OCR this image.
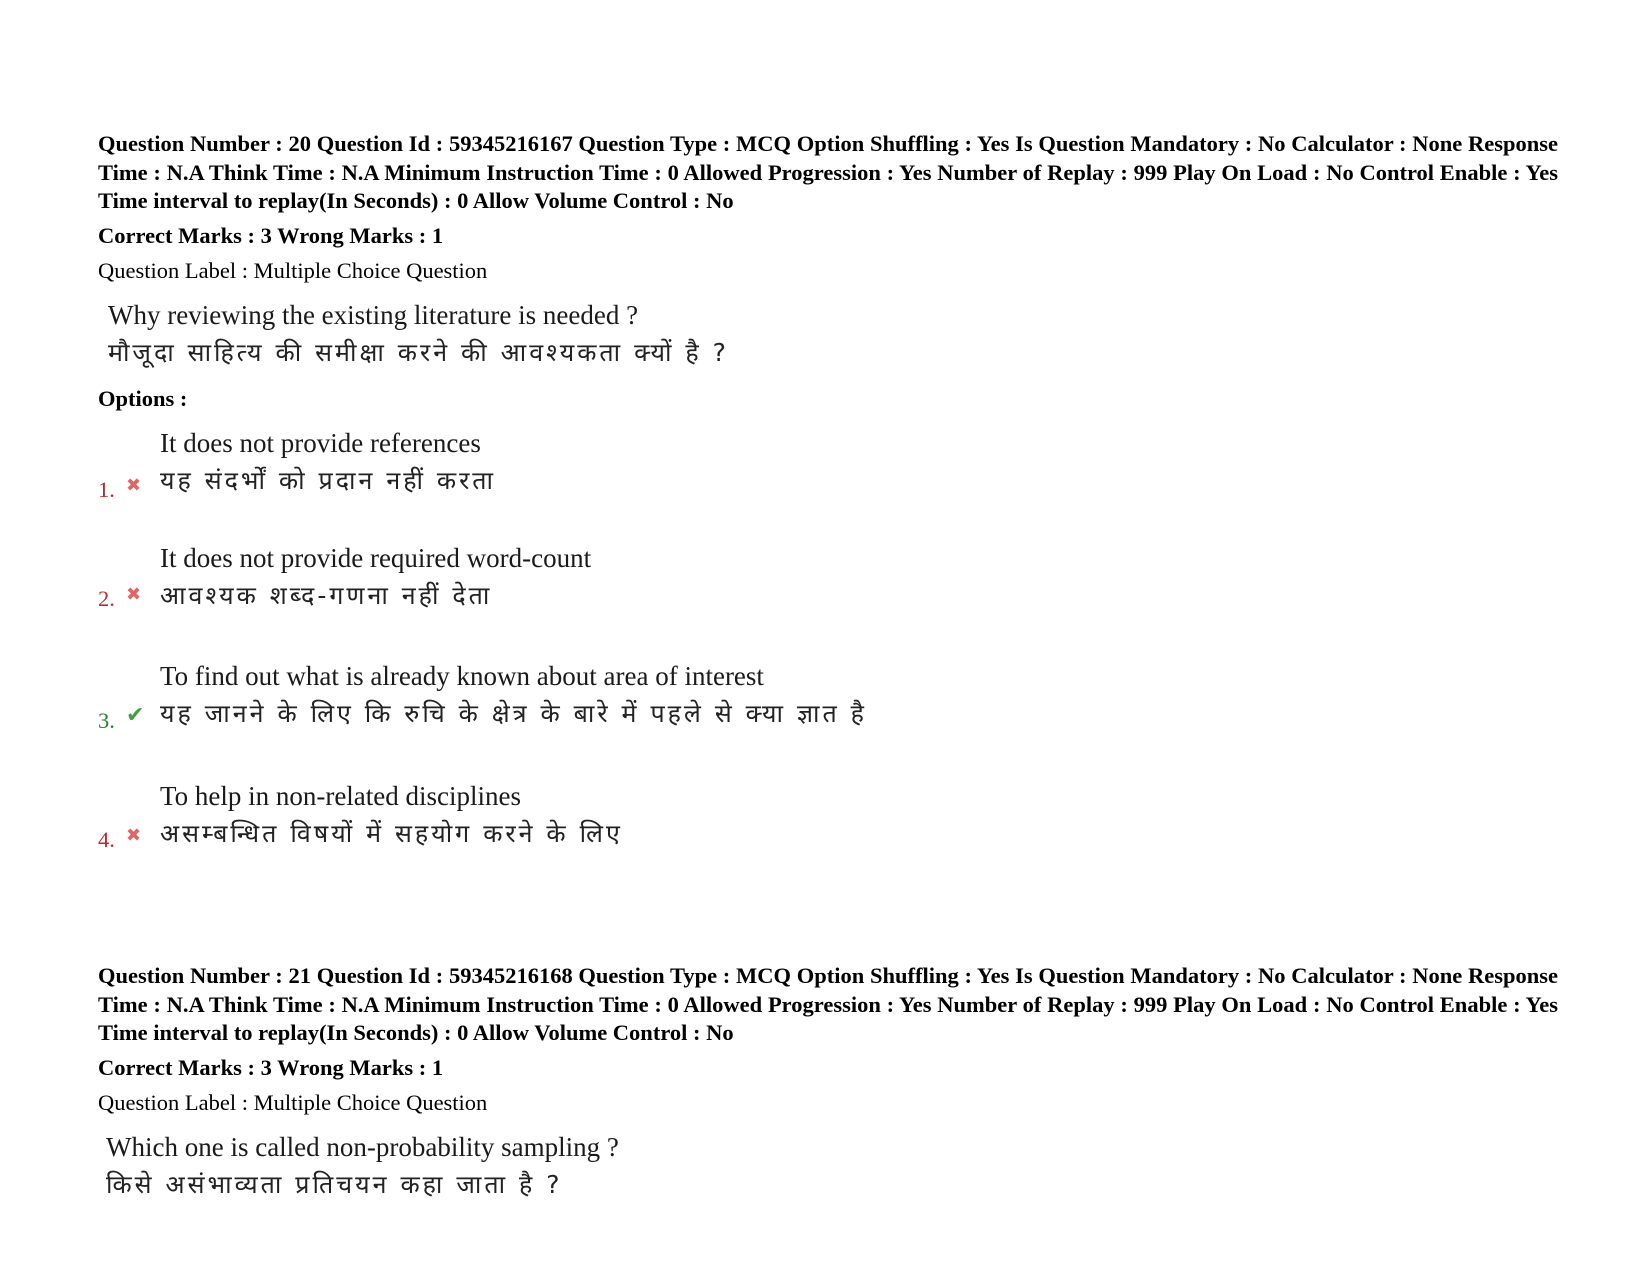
Question Number : 20 Question Id : 59345216167 Question Type : MCQ Option Shuffling : Yes Is Question Mandatory : No Calculator : None Response Time : N.A Think Time : N.A Minimum Instruction Time : 0 Allowed Progression : Yes Number of Replay : 999 Play On Load : No Control Enable : Yes Time interval to replay(In Seconds) : 0 Allow Volume Control : No

Correct Marks : 3 Wrong Marks : 1
Question Label : Multiple Choice Question
Why reviewing the existing literature is needed ?
मौजूदा साहित्य की समीक्षा करने की आवश्यकता क्यों है ?
Options :
1. ✖
It does not provide references
यह संदर्भों को प्रदान नहीं करता
2. ✖
It does not provide required word-count
आवश्यक शब्द-गणना नहीं देता
3. ✔
To find out what is already known about area of interest
यह जानने के लिए कि रुचि के क्षेत्र के बारे में पहले से क्या ज्ञात है
4. ✖
To help in non-related disciplines
असम्बन्धित विषयों में सहयोग करने के लिए

Question Number : 21 Question Id : 59345216168 Question Type : MCQ Option Shuffling : Yes Is Question Mandatory : No Calculator : None Response Time : N.A Think Time : N.A Minimum Instruction Time : 0 Allowed Progression : Yes Number of Replay : 999 Play On Load : No Control Enable : Yes Time interval to replay(In Seconds) : 0 Allow Volume Control : No

Correct Marks : 3 Wrong Marks : 1
Question Label : Multiple Choice Question
Which one is called non-probability sampling ?
किसे असंभाव्यता प्रतिचयन कहा जाता है ?
